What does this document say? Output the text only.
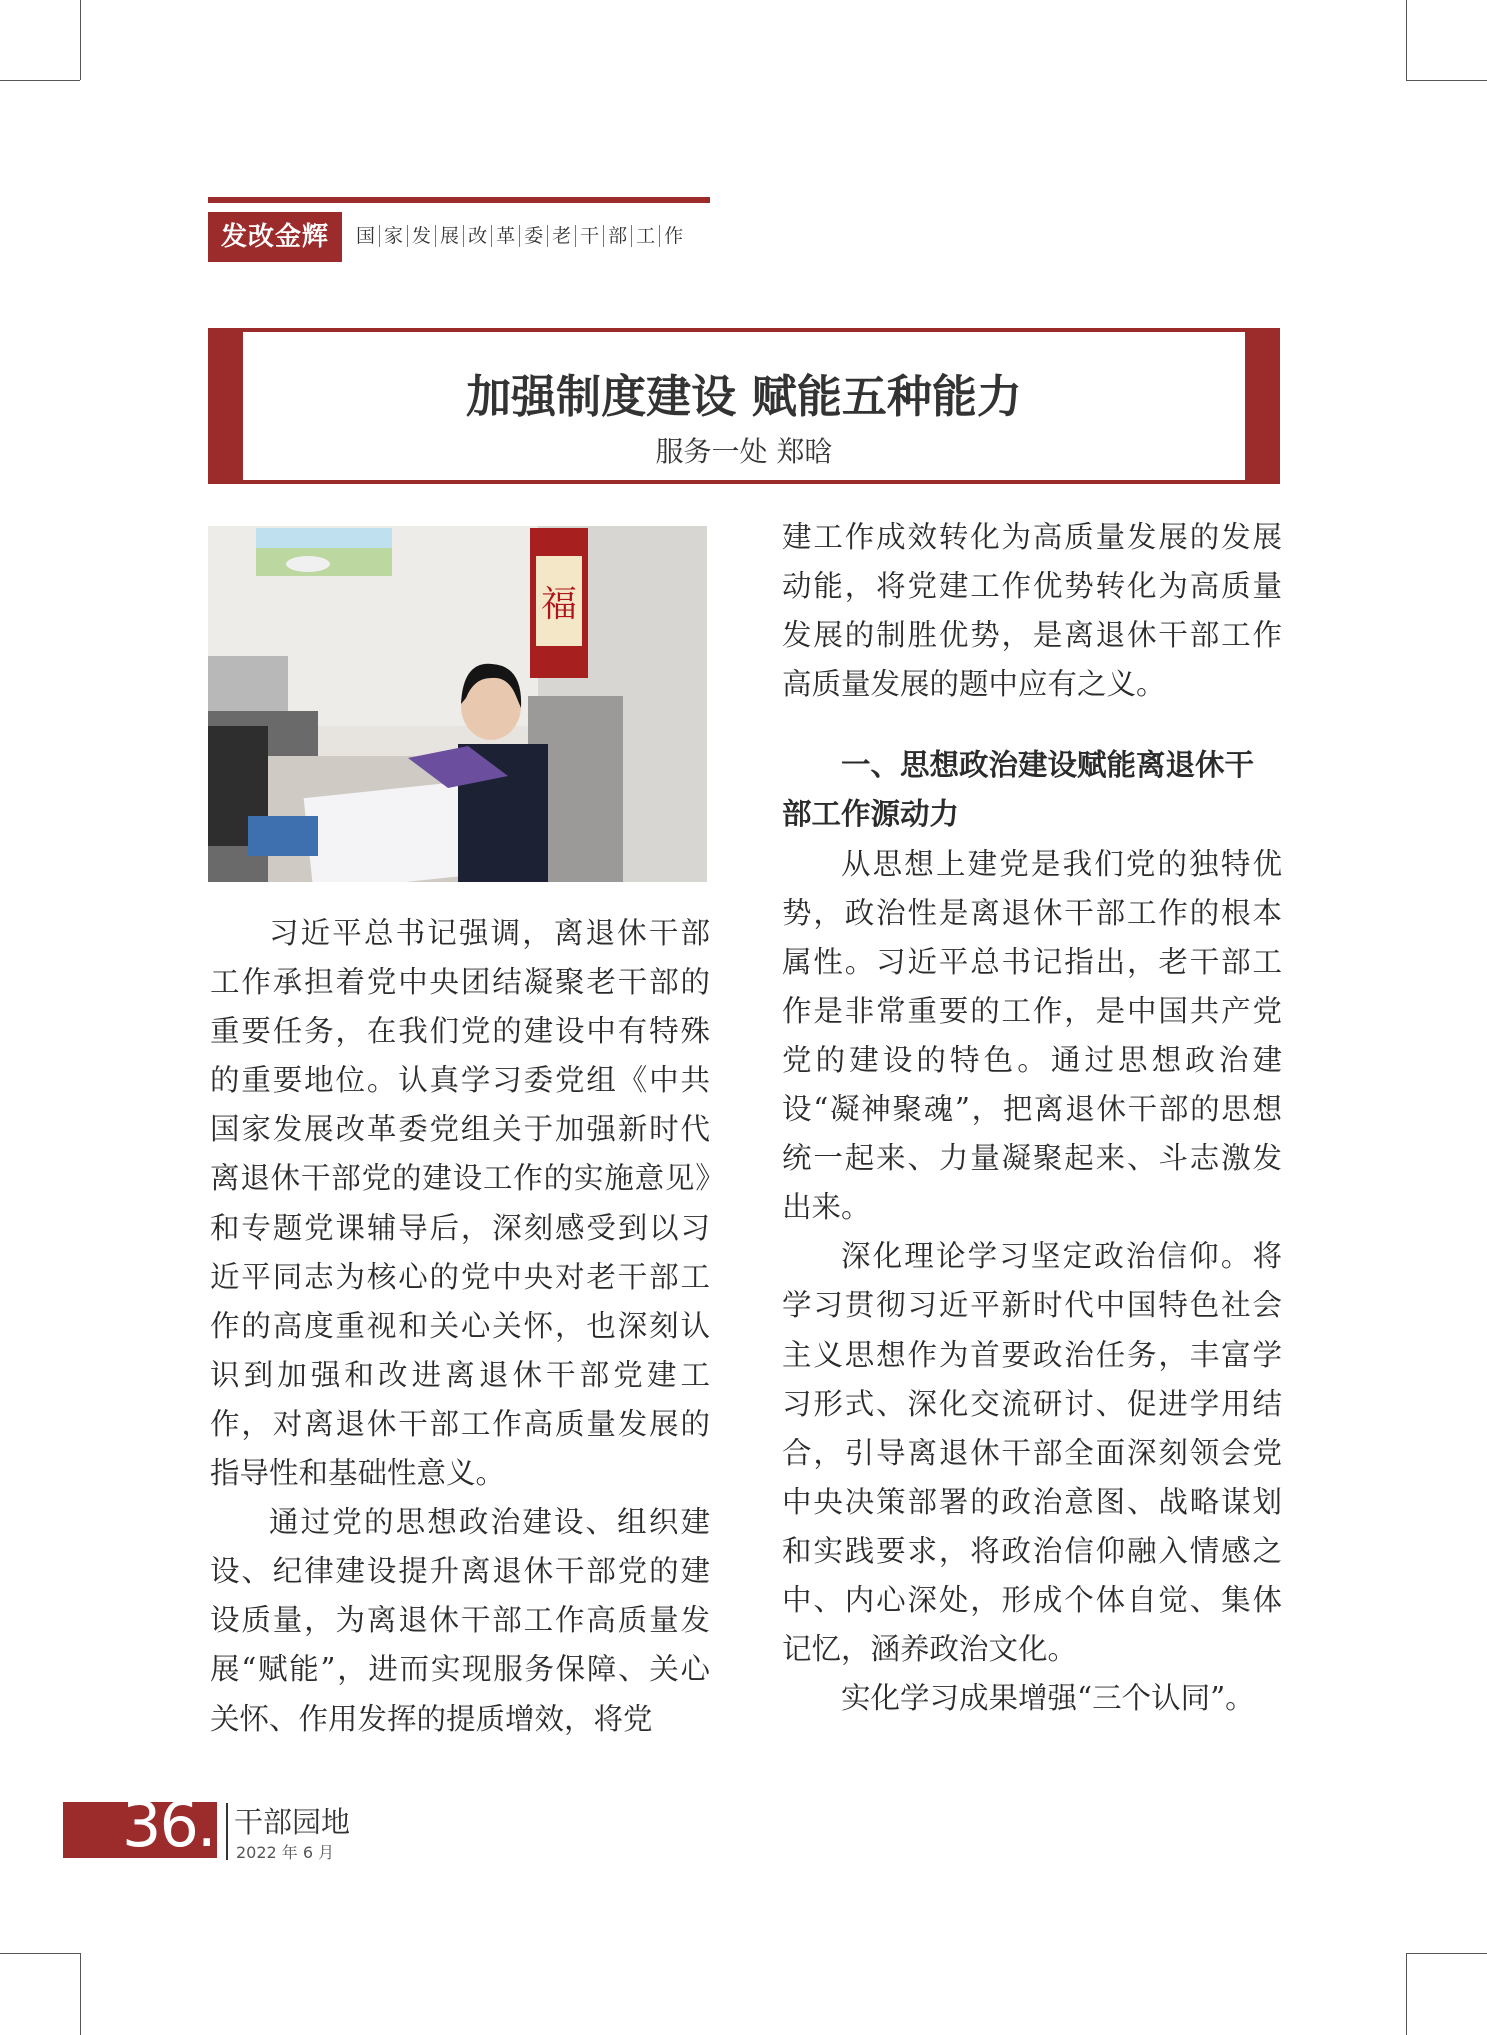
发改金辉	国 家 发 展 改 革 委 老 干 部 工 作
加强制度建设 赋能五种能力
服务一处 郑晗
福

习近平总书记强调，离退休干部工作承担着党中央团结凝聚老干部的重要任务，在我们党的建设中有特殊的重要地位。认真学习委党组《中共国家发展改革委党组关于加强新时代离退休干部党的建设工作的实施意见》和专题党课辅导后，深刻感受到以习近平同志为核心的党中央对老干部工作的高度重视和关心关怀，也深刻认识到加强和改进离退休干部党建工作，对离退休干部工作高质量发展的指导性和基础性意义。

通过党的思想政治建设、组织建设、纪律建设提升离退休干部党的建设质量，为离退休干部工作高质量发展“赋能”，进而实现服务保障、关心关怀、作用发挥的提质增效，将党

建工作成效转化为高质量发展的发展动能，将党建工作优势转化为高质量发展的制胜优势，是离退休干部工作高质量发展的题中应有之义。

一、思想政治建设赋能离退休干部工作源动力

从思想上建党是我们党的独特优势，政治性是离退休干部工作的根本属性。习近平总书记指出，老干部工作是非常重要的工作，是中国共产党党的建设的特色。通过思想政治建设“凝神聚魂”，把离退休干部的思想统一起来、力量凝聚起来、斗志激发出来。

深化理论学习坚定政治信仰。将学习贯彻习近平新时代中国特色社会主义思想作为首要政治任务，丰富学习形式、深化交流研讨、促进学用结合，引导离退休干部全面深刻领会党中央决策部署的政治意图、战略谋划和实践要求，将政治信仰融入情感之中、内心深处，形成个体自觉、集体记忆，涵养政治文化。

实化学习成果增强“三个认同”。

36. 干部园地
2022 年 6 月
